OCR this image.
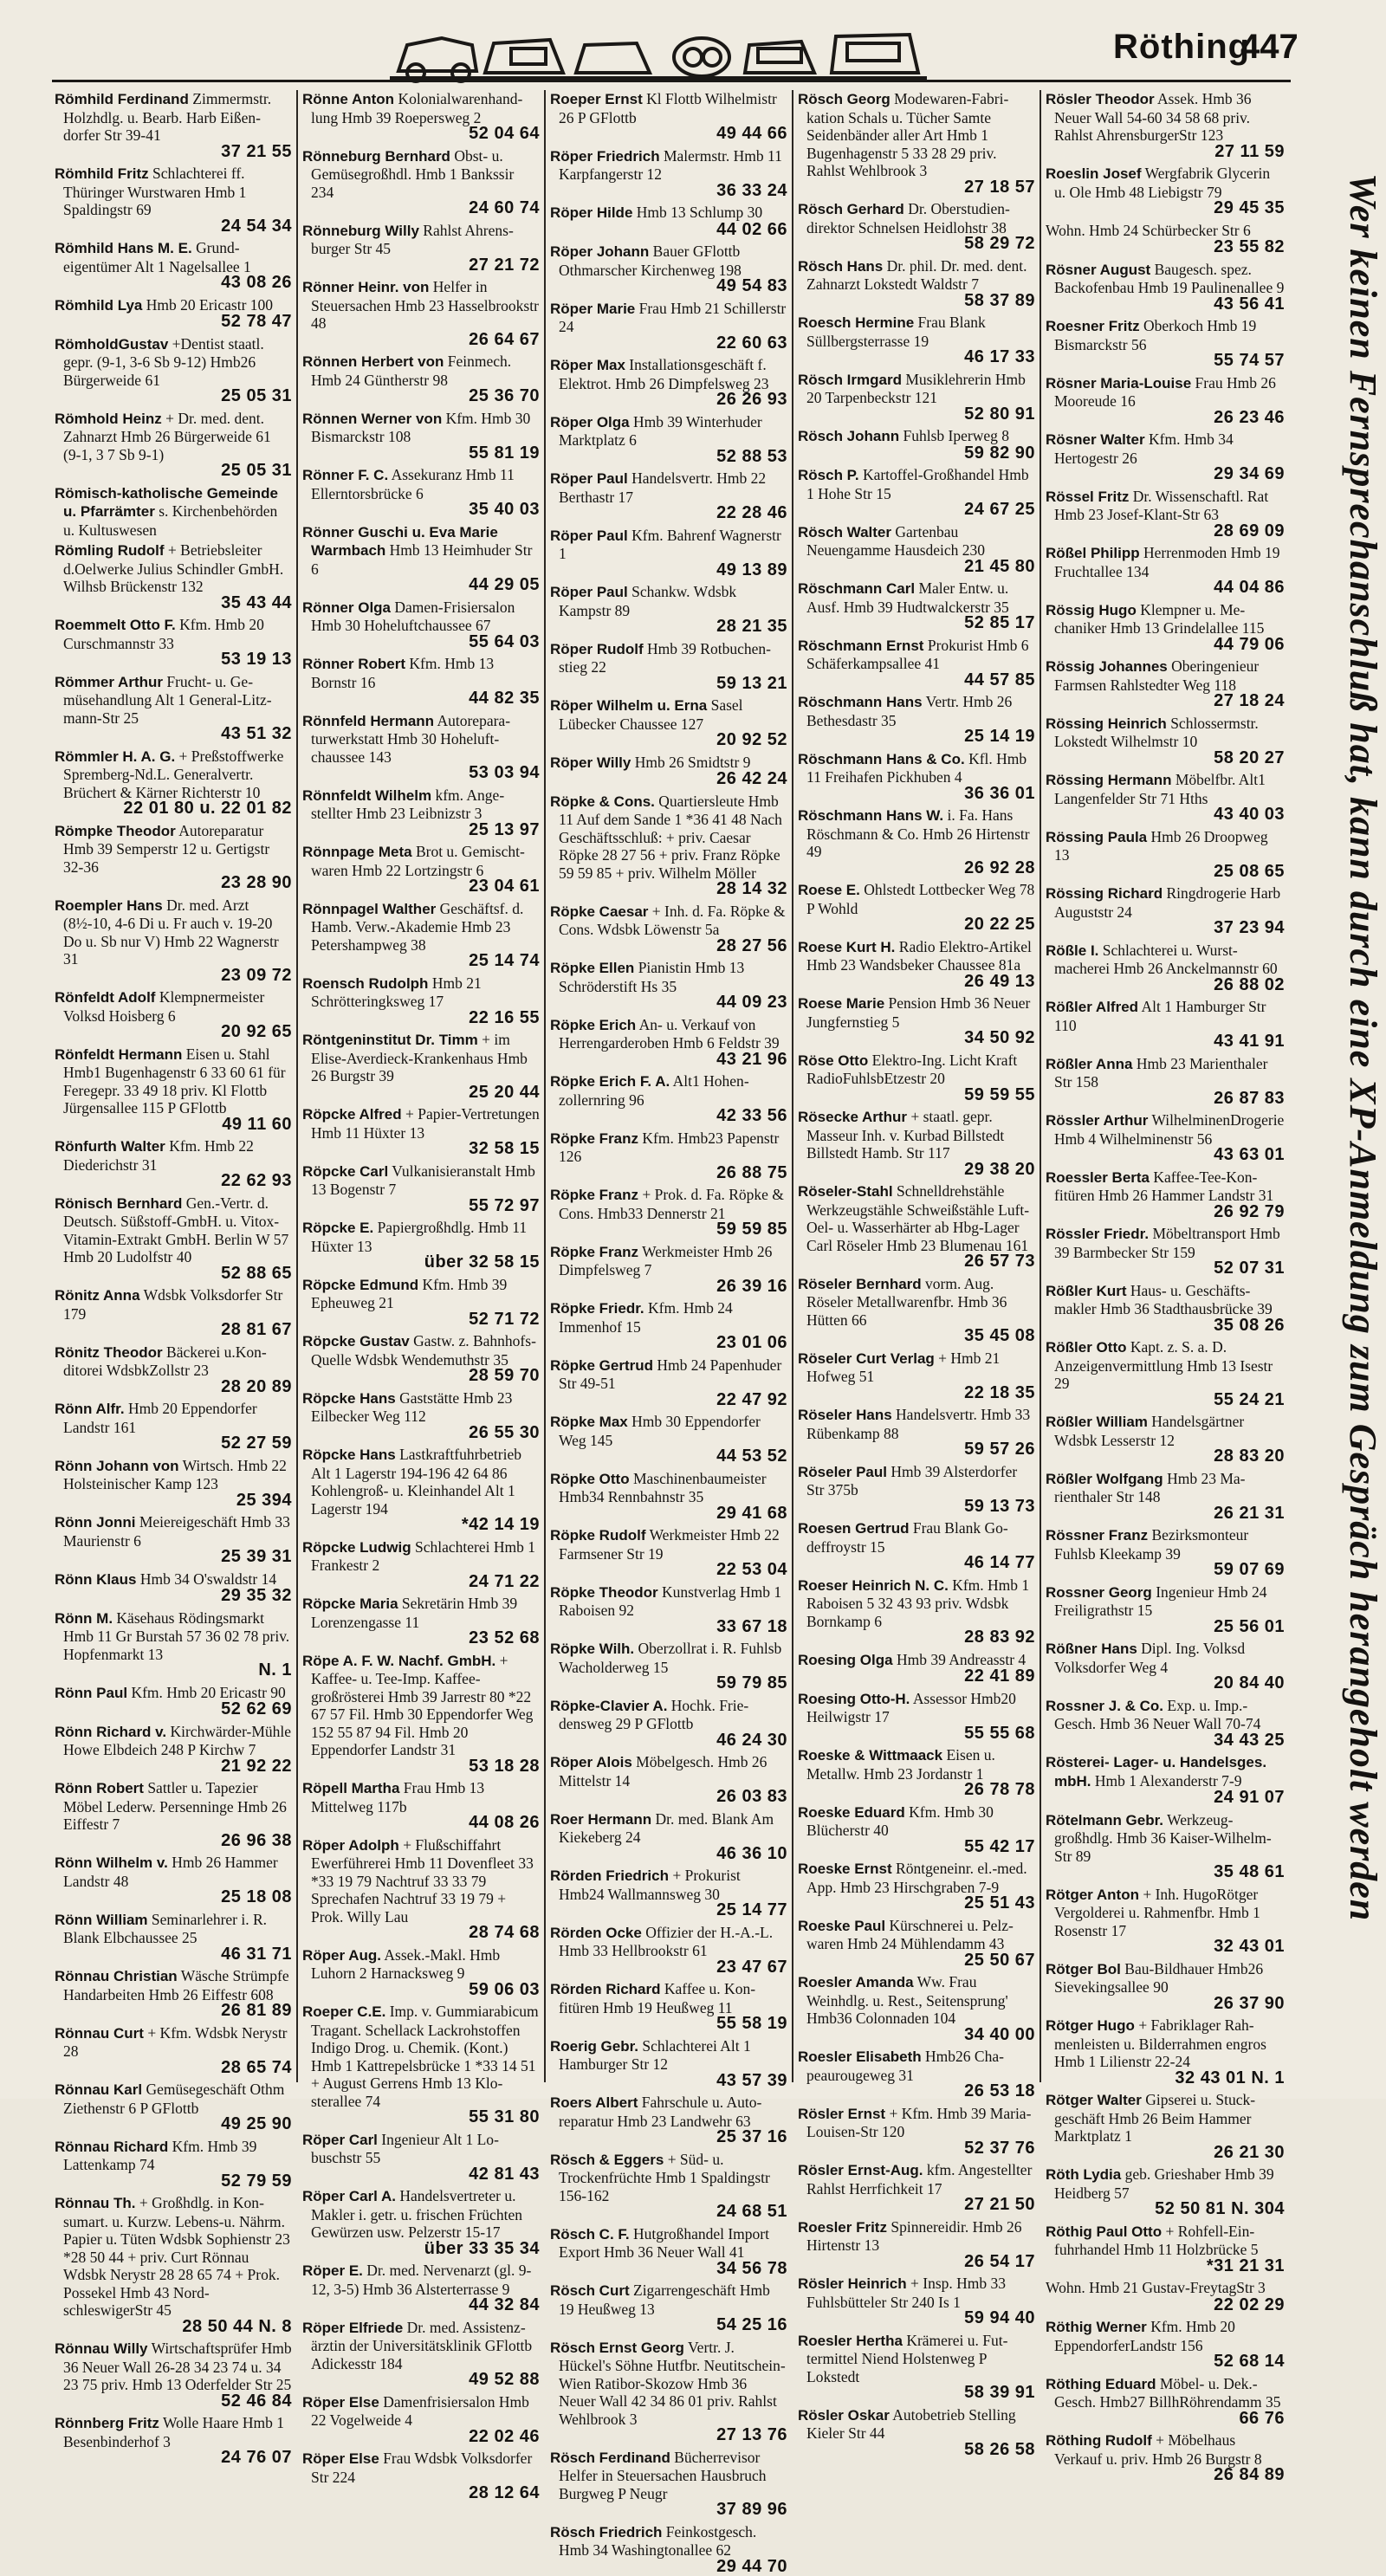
Röthing
447
Römhild Ferdinand Zimmermstr. Holzhdlg. u. Bearb. Harb Eißendorfer Str 39-41
37 21 55
Römhild Fritz Schlachterei ff. Thüringer Wurstwaren Hmb 1 Spaldingstr 69
24 54 34
Römhild Hans M. E. Grundeigentümer Alt 1 Nagelsallee 1
43 08 26
Römhild Lya Hmb 20 Ericastr 100
52 78 47
RömholdGustav +Dentist staatl. gepr. (9-1, 3-6 Sb 9-12) Hmb26 Bürgerweide 61
25 05 31
Römhold Heinz + Dr. med. dent. Zahnarzt Hmb 26 Bürgerweide 61 (9-1, 3 7 Sb 9-1)
25 05 31
Römisch-katholische Gemeinde u. Pfarrämter s. Kirchenbehörden u. Kultuswesen
Römling Rudolf + Betriebsleiter d.Oelwerke Julius Schindler GmbH. Wilhsb Brückenstr 132
35 43 44
Roemmelt Otto F. Kfm. Hmb 20 Curschmannstr 33
53 19 13
Römmer Arthur Frucht- u. Gemüsehandlung Alt 1 General-Litzmann-Str 25
43 51 32
Römmler H. A. G. + Preßstoffwerke Spremberg-Nd.L. Generalvertr. Brüchert & Kärner Richterstr 10
22 01 80 u. 22 01 82
Römpke Theodor Autoreparatur Hmb 39 Semperstr 12 u. Gertigstr 32-36
23 28 90
Roempler Hans Dr. med. Arzt (8½-10, 4-6 Di u. Fr auch v. 19-20 Do u. Sb nur V) Hmb 22 Wagnerstr 31
23 09 72
Rönfeldt Adolf Klempnermeister Volksd Hoisberg 6
20 92 65
Rönfeldt Hermann Eisen u. Stahl Hmb1 Bugenhagenstr 6 33 60 61 für Feregepr. 33 49 18 priv. Kl Flottb Jürgensallee 115 P GFlottb
49 11 60
Rönfurth Walter Kfm. Hmb 22 Diederichstr 31
22 62 93
Rönisch Bernhard Gen.-Vertr. d. Deutsch. Süßstoff-GmbH. u. Vitox-Vitamin-Extrakt GmbH. Berlin W 57 Hmb 20 Ludolfstr 40
52 88 65
Rönitz Anna Wdsbk Volksdorfer Str 179
28 81 67
Rönitz Theodor Bäckerei u.Konditorei WdsbkZollstr 23
28 20 89
Rönn Alfr. Hmb 20 Eppendorfer Landstr 161
52 27 59
Rönn Johann von Wirtsch. Hmb 22 Holsteinischer Kamp 123
25 394
Rönn Jonni Meiereigeschäft Hmb 33 Maurienstr 6
25 39 31
Rönn Klaus Hmb 34 O'swaldstr 14
29 35 32
Rönn M. Käsehaus Rödingsmarkt Hmb 11 Gr Burstah 57 36 02 78 priv. Hopfenmarkt 13
N. 1
Rönn Paul Kfm. Hmb 20 Ericastr 90
52 62 69
Rönn Richard v. Kirchwärder-Mühle Howe Elbdeich 248 P Kirchw 7
21 92 22
Rönn Robert Sattler u. Tapezier Möbel Lederw. Persenninge Hmb 26 Eiffestr 7
26 96 38
Rönn Wilhelm v. Hmb 26 Hammer Landstr 48
25 18 08
Rönn William Seminarlehrer i. R. Blank Elbchaussee 25
46 31 71
Rönnau Christian Wäsche Strümpfe Handarbeiten Hmb 26 Eiffestr 608
26 81 89
Rönnau Curt + Kfm. Wdsbk Nerystr 28
28 65 74
Rönnau Karl Gemüsegeschäft Othm Ziethenstr 6 P GFlottb
49 25 90
Rönnau Richard Kfm. Hmb 39 Lattenkamp 74
52 79 59
Rönnau Th. + Großhdlg. in Konsumart. u. Kurzw. Lebens-u. Nährm. Papier u. Tüten Wdsbk Sophienstr 23 *28 50 44 + priv. Curt Rönnau Wdsbk Nerystr 28 28 65 74 + Prok. Possekel Hmb 43 NordschleswigerStr 45
28 50 44 N. 8
Rönnau Willy Wirtschaftsprüfer Hmb 36 Neuer Wall 26-28 34 23 74 u. 34 23 75 priv. Hmb 13 Oderfelder Str 25
52 46 84
Rönnberg Fritz Wolle Haare Hmb 1 Besenbinderhof 3
24 76 07
Rönne Anton Kolonialwarenhandlung Hmb 39 Roepersweg 2
52 04 64
Rönneburg Bernhard Obst- u. Gemüsegroßhdl. Hmb 1 Bankssir 234
24 60 74
Rönneburg Willy Rahlst Ahrensburger Str 45
27 21 72
Rönner Heinr. von Helfer in Steuersachen Hmb 23 Hasselbrookstr 48
26 64 67
Rönnen Herbert von Feinmech. Hmb 24 Güntherstr 98
25 36 70
Rönnen Werner von Kfm. Hmb 30 Bismarckstr 108
55 81 19
Rönner F. C. Assekuranz Hmb 11 Ellerntorsbrücke 6
35 40 03
Rönner Guschi u. Eva Marie Warmbach Hmb 13 Heimhuder Str 6
44 29 05
Rönner Olga Damen-Frisiersalon Hmb 30 Hoheluftchaussee 67
55 64 03
Rönner Robert Kfm. Hmb 13 Bornstr 16
44 82 35
Rönnfeld Hermann Autoreparaturwerkstatt Hmb 30 Hoheluftchaussee 143
53 03 94
Rönnfeldt Wilhelm kfm. Angestellter Hmb 23 Leibnizstr 3
25 13 97
Rönnpage Meta Brot u. Gemischtwaren Hmb 22 Lortzingstr 6
23 04 61
Rönnpagel Walther Geschäftsf. d. Hamb. Verw.-Akademie Hmb 23 Petershampweg 38
25 14 74
Roensch Rudolph Hmb 21 Schrötteringksweg 17
22 16 55
Röntgeninstitut Dr. Timm + im Elise-Averdieck-Krankenhaus Hmb 26 Burgstr 39
25 20 44
Röpcke Alfred + Papier-Vertretungen Hmb 11 Hüxter 13
32 58 15
Röpcke Carl Vulkanisieranstalt Hmb 13 Bogenstr 7
55 72 97
Röpcke E. Papiergroßhdlg. Hmb 11 Hüxter 13
über 32 58 15
Röpcke Edmund Kfm. Hmb 39 Epheuweg 21
52 71 72
Röpcke Gustav Gastw. z. Bahnhofs-Quelle Wdsbk Wendemuthstr 35
28 59 70
Röpcke Hans Gaststätte Hmb 23 Eilbecker Weg 112
26 55 30
Röpcke Hans Lastkraftfuhrbetrieb Alt 1 Lagerstr 194-196 42 64 86 Kohlengroß- u. Kleinhandel Alt 1 Lagerstr 194
*42 14 19
Röpcke Ludwig Schlachterei Hmb 1 Frankestr 2
24 71 22
Röpcke Maria Sekretärin Hmb 39 Lorenzengasse 11
23 52 68
Röpe A. F. W. Nachf. GmbH. + Kaffee- u. Tee-Imp. Kaffeegroßrösterei Hmb 39 Jarrestr 80 *22 67 57 Fil. Hmb 30 Eppendorfer Weg 152 55 87 94 Fil. Hmb 20 Eppendorfer Landstr 31
53 18 28
Röpell Martha Frau Hmb 13 Mittelweg 117b
44 08 26
Röper Adolph + Flußschiffahrt Ewerführerei Hmb 11 Dovenfleet 33 *33 19 79 Nachtruf 33 33 79 Sprechafen Nachtruf 33 19 79 + Prok. Willy Lau
28 74 68
Röper Aug. Assek.-Makl. Hmb Luhorn 2 Harnacksweg 9
59 06 03
Roeper C.E. Imp. v. Gummiarabicum Tragant. Schellack Lackrohstoffen Indigo Drog. u. Chemik. (Kont.) Hmb 1 Kattrepelsbrücke 1 *33 14 51 + August Gerrens Hmb 13 Klosterallee 74
55 31 80
Röper Carl Ingenieur Alt 1 Lobuschstr 55
42 81 43
Röper Carl A. Handelsvertreter u. Makler i. getr. u. frischen Früchten Gewürzen usw. Pelzerstr 15-17
über 33 35 34
Röper E. Dr. med. Nervenarzt (gl. 9-12, 3-5) Hmb 36 Alsterterrasse 9
44 32 84
Röper Elfriede Dr. med. Assistenzärztin der Universitätsklinik GFlottb Adickesstr 184
49 52 88
Röper Else Damenfrisiersalon Hmb 22 Vogelweide 4
22 02 46
Röper Else Frau Wdsbk Volksdorfer Str 224
28 12 64
Roeper Ernst Kl Flottb Wilhelmistr 26 P GFlottb
49 44 66
Röper Friedrich Malermstr. Hmb 11 Karpfangerstr 12
36 33 24
Röper Hilde Hmb 13 Schlump 30
44 02 66
Röper Johann Bauer GFlottb Othmarscher Kirchenweg 198
49 54 83
Röper Marie Frau Hmb 21 Schillerstr 24
22 60 63
Röper Max Installationsgeschäft f. Elektrot. Hmb 26 Dimpfelsweg 23
26 26 93
Röper Olga Hmb 39 Winterhuder Marktplatz 6
52 88 53
Röper Paul Handelsvertr. Hmb 22 Berthastr 17
22 28 46
Röper Paul Kfm. Bahrenf Wagnerstr 1
49 13 89
Röper Paul Schankw. Wdsbk Kampstr 89
28 21 35
Röper Rudolf Hmb 39 Rotbuchenstieg 22
59 13 21
Röper Wilhelm u. Erna Sasel Lübecker Chaussee 127
20 92 52
Röper Willy Hmb 26 Smidtstr 9
26 42 24
Röpke & Cons. Quartiersleute Hmb 11 Auf dem Sande 1 *36 41 48 Nach Geschäftsschluß: + priv. Caesar Röpke 28 27 56 + priv. Franz Röpke 59 59 85 + priv. Wilhelm Möller
28 14 32
Röpke Caesar + Inh. d. Fa. Röpke & Cons. Wdsbk Löwenstr 5a
28 27 56
Röpke Ellen Pianistin Hmb 13 Schröderstift Hs 35
44 09 23
Röpke Erich An- u. Verkauf von Herrengarderoben Hmb 6 Feldstr 39
43 21 96
Röpke Erich F. A. Alt1 Hohenzollernring 96
42 33 56
Röpke Franz Kfm. Hmb23 Papenstr 126
26 88 75
Röpke Franz + Prok. d. Fa. Röpke & Cons. Hmb33 Dennerstr 21
59 59 85
Röpke Franz Werkmeister Hmb 26 Dimpfelsweg 7
26 39 16
Röpke Friedr. Kfm. Hmb 24 Immenhof 15
23 01 06
Röpke Gertrud Hmb 24 Papenhuder Str 49-51
22 47 92
Röpke Max Hmb 30 Eppendorfer Weg 145
44 53 52
Röpke Otto Maschinenbaumeister Hmb34 Rennbahnstr 35
29 41 68
Röpke Rudolf Werkmeister Hmb 22 Farmsener Str 19
22 53 04
Röpke Theodor Kunstverlag Hmb 1 Raboisen 92
33 67 18
Röpke Wilh. Oberzollrat i. R. Fuhlsb Wacholderweg 15
59 79 85
Röpke-Clavier A. Hochk. Friedensweg 29 P GFlottb
46 24 30
Röper Alois Möbelgesch. Hmb 26 Mittelstr 14
26 03 83
Roer Hermann Dr. med. Blank Am Kiekeberg 24
46 36 10
Rörden Friedrich + Prokurist Hmb24 Wallmannsweg 30
25 14 77
Rörden Ocke Offizier der H.-A.-L. Hmb 33 Hellbrookstr 61
23 47 67
Rörden Richard Kaffee u. Konfitüren Hmb 19 Heußweg 11
55 58 19
Roerig Gebr. Schlachterei Alt 1 Hamburger Str 12
43 57 39
Roers Albert Fahrschule u. Autoreparatur Hmb 23 Landwehr 63
25 37 16
Rösch & Eggers + Süd- u. Trockenfrüchte Hmb 1 Spaldingstr 156-162
24 68 51
Rösch C. F. Hutgroßhandel Import Export Hmb 36 Neuer Wall 41
34 56 78
Rösch Curt Zigarrengeschäft Hmb 19 Heußweg 13
54 25 16
Rösch Ernst Georg Vertr. J. Hückel's Söhne Hutfbr. Neutitschein-Wien Ratibor-Skozow Hmb 36 Neuer Wall 42 34 86 01 priv. Rahlst Wehlbrook 3
27 13 76
Rösch Ferdinand Bücherrevisor Helfer in Steuersachen Hausbruch Burgweg P Neugr
37 89 96
Rösch Friedrich Feinkostgesch. Hmb 34 Washingtonallee 62
29 44 70
Rösch Georg Modewaren-Fabrikation Schals u. Tücher Samte Seidenbänder aller Art Hmb 1 Bugenhagenstr 5 33 28 29 priv. Rahlst Wehlbrook 3
27 18 57
Rösch Gerhard Dr. Oberstudiendirektor Schnelsen Heidlohstr 38
58 29 72
Rösch Hans Dr. phil. Dr. med. dent. Zahnarzt Lokstedt Waldstr 7
58 37 89
Roesch Hermine Frau Blank Süllbergsterrasse 19
46 17 33
Rösch Irmgard Musiklehrerin Hmb 20 Tarpenbeckstr 121
52 80 91
Rösch Johann Fuhlsb Iperweg 8
59 82 90
Rösch P. Kartoffel-Großhandel Hmb 1 Hohe Str 15
24 67 25
Rösch Walter Gartenbau Neuengamme Hausdeich 230
21 45 80
Röschmann Carl Maler Entw. u. Ausf. Hmb 39 Hudtwalckerstr 35
52 85 17
Röschmann Ernst Prokurist Hmb 6 Schäferkampsallee 41
44 57 85
Röschmann Hans Vertr. Hmb 26 Bethesdastr 35
25 14 19
Röschmann Hans & Co. Kfl. Hmb 11 Freihafen Pickhuben 4
36 36 01
Röschmann Hans W. i. Fa. Hans Röschmann & Co. Hmb 26 Hirtenstr 49
26 92 28
Roese E. Ohlstedt Lottbecker Weg 78 P Wohld
20 22 25
Roese Kurt H. Radio Elektro-Artikel Hmb 23 Wandsbeker Chaussee 81a
26 49 13
Roese Marie Pension Hmb 36 Neuer Jungfernstieg 5
34 50 92
Röse Otto Elektro-Ing. Licht Kraft RadioFuhlsbEtzestr 20
59 59 55
Rösecke Arthur + staatl. gepr. Masseur Inh. v. Kurbad Billstedt Billstedt Hamb. Str 117
29 38 20
Röseler-Stahl Schnelldrehstähle Werkzeugstähle Schweißstähle Luft- Oel- u. Wasserhärter ab Hbg-Lager Carl Röseler Hmb 23 Blumenau 161
26 57 73
Röseler Bernhard vorm. Aug. Röseler Metallwarenfbr. Hmb 36 Hütten 66
35 45 08
Röseler Curt Verlag + Hmb 21 Hofweg 51
22 18 35
Röseler Hans Handelsvertr. Hmb 33 Rübenkamp 88
59 57 26
Röseler Paul Hmb 39 Alsterdorfer Str 375b
59 13 73
Roesen Gertrud Frau Blank Godeffroystr 15
46 14 77
Roeser Heinrich N. C. Kfm. Hmb 1 Raboisen 5 32 43 93 priv. Wdsbk Bornkamp 6
28 83 92
Roesing Olga Hmb 39 Andreasstr 4
22 41 89
Roesing Otto-H. Assessor Hmb20 Heilwigstr 17
55 55 68
Roeske & Wittmaack Eisen u. Metallw. Hmb 23 Jordanstr 1
26 78 78
Roeske Eduard Kfm. Hmb 30 Blücherstr 40
55 42 17
Roeske Ernst Röntgeneinr. el.-med. App. Hmb 23 Hirschgraben 7-9
25 51 43
Roeske Paul Kürschnerei u. Pelzwaren Hmb 24 Mühlendamm 43
25 50 67
Roesler Amanda Ww. Frau Weinhdlg. u. Rest., Seitensprung' Hmb36 Colonnaden 104
34 40 00
Roesler Elisabeth Hmb26 Chapeaurougeweg 31
26 53 18
Rösler Ernst + Kfm. Hmb 39 Maria-Louisen-Str 120
52 37 76
Rösler Ernst-Aug. kfm. Angestellter Rahlst Herrfichkeit 17
27 21 50
Roesler Fritz Spinnereidir. Hmb 26 Hirtenstr 13
26 54 17
Rösler Heinrich + Insp. Hmb 33 Fuhlsbütteler Str 240 Is 1
59 94 40
Roesler Hertha Krämerei u. Futtermittel Niend Holstenweg P Lokstedt
58 39 91
Rösler Oskar Autobetrieb Stelling Kieler Str 44
58 26 58
Rösler Theodor Assek. Hmb 36 Neuer Wall 54-60 34 58 68 priv. Rahlst AhrensburgerStr 123
27 11 59
Roeslin Josef Wergfabrik Glycerin u. Ole Hmb 48 Liebigstr 79
29 45 35
Wohn. Hmb 24 Schürbecker Str 6
23 55 82
Rösner August Baugesch. spez. Backofenbau Hmb 19 Paulinenallee 9
43 56 41
Roesner Fritz Oberkoch Hmb 19 Bismarckstr 56
55 74 57
Rösner Maria-Louise Frau Hmb 26 Mooreude 16
26 23 46
Rösner Walter Kfm. Hmb 34 Hertogestr 26
29 34 69
Rössel Fritz Dr. Wissenschaftl. Rat Hmb 23 Josef-Klant-Str 63
28 69 09
Rößel Philipp Herrenmoden Hmb 19 Fruchtallee 134
44 04 86
Rössig Hugo Klempner u. Mechaniker Hmb 13 Grindelallee 115
44 79 06
Rössig Johannes Oberingenieur Farmsen Rahlstedter Weg 118
27 18 24
Rössing Heinrich Schlossermstr. Lokstedt Wilhelmstr 10
58 20 27
Rössing Hermann Möbelfbr. Alt1 Langenfelder Str 71 Hths
43 40 03
Rössing Paula Hmb 26 Droopweg 13
25 08 65
Rössing Richard Ringdrogerie Harb Auguststr 24
37 23 94
Rößle I. Schlachterei u. Wurstmacherei Hmb 26 Anckelmannstr 60
26 88 02
Rößler Alfred Alt 1 Hamburger Str 110
43 41 91
Rößler Anna Hmb 23 Marienthaler Str 158
26 87 83
Rössler Arthur WilhelminenDrogerie Hmb 4 Wilhelminenstr 56
43 63 01
Roessler Berta Kaffee-Tee-Konfitüren Hmb 26 Hammer Landstr 31
26 92 79
Rössler Friedr. Möbeltransport Hmb 39 Barmbecker Str 159
52 07 31
Rößler Kurt Haus- u. Geschäftsmakler Hmb 36 Stadthausbrücke 39
35 08 26
Rößler Otto Kapt. z. S. a. D. Anzeigenvermittlung Hmb 13 Isestr 29
55 24 21
Rößler William Handelsgärtner Wdsbk Lesserstr 12
28 83 20
Rößler Wolfgang Hmb 23 Marienthaler Str 148
26 21 31
Rössner Franz Bezirksmonteur Fuhlsb Kleekamp 39
59 07 69
Rossner Georg Ingenieur Hmb 24 Freiligrathstr 15
25 56 01
Rößner Hans Dipl. Ing. Volksd Volksdorfer Weg 4
20 84 40
Rossner J. & Co. Exp. u. Imp.-Gesch. Hmb 36 Neuer Wall 70-74
34 43 25
Rösterei- Lager- u. Handelsges. mbH. Hmb 1 Alexanderstr 7-9
24 91 07
Rötelmann Gebr. Werkzeuggroßhdlg. Hmb 36 Kaiser-Wilhelm-Str 89
35 48 61
Rötger Anton + Inh. HugoRötger Vergolderei u. Rahmenfbr. Hmb 1 Rosenstr 17
32 43 01
Rötger Bol Bau-Bildhauer Hmb26 Sievekingsallee 90
26 37 90
Rötger Hugo + Fabriklager Rahmenleisten u. Bilderrahmen engros Hmb 1 Lilienstr 22-24
32 43 01 N. 1
Rötger Walter Gipserei u. Stuckgeschäft Hmb 26 Beim Hammer Marktplatz 1
26 21 30
Röth Lydia geb. Grieshaber Hmb 39 Heidberg 57
52 50 81 N. 304
Röthig Paul Otto + Rohfell-Einfuhrhandel Hmb 11 Holzbrücke 5
*31 21 31
Wohn. Hmb 21 Gustav-FreytagStr 3
22 02 29
Röthig Werner Kfm. Hmb 20 EppendorferLandstr 156
52 68 14
Röthing Eduard Möbel- u. Dek.-Gesch. Hmb27 BillhRöhrendamm 35
66 76
Röthing Rudolf + Möbelhaus Verkauf u. priv. Hmb 26 Burgstr 8
26 84 89
Wer keinen Fernsprechanschluß hat, kann durch eine XP-Anmeldung zum Gespräch herangeholt werden
